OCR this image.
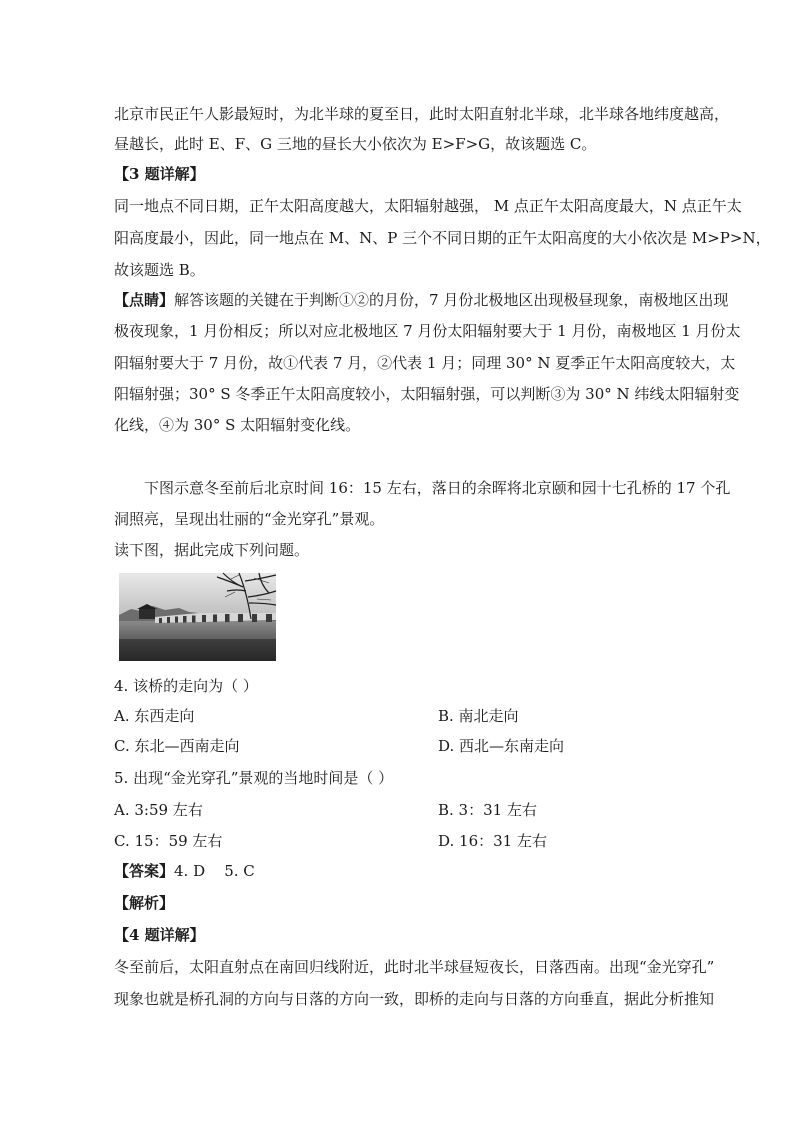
北京市民正午人影最短时，为北半球的夏至日，此时太阳直射北半球，北半球各地纬度越高，
昼越长，此时 E、F、G 三地的昼长大小依次为 E>F>G，故该题选 C。
【3 题详解】
同一地点不同日期，正午太阳高度越大，太阳辐射越强， M 点正午太阳高度最大，N 点正午太
阳高度最小，因此，同一地点在 M、N、P 三个不同日期的正午太阳高度的大小依次是 M>P>N，
故该题选 B。
【点睛】解答该题的关键在于判断①②的月份，7 月份北极地区出现极昼现象，南极地区出现
极夜现象，1 月份相反；所以对应北极地区 7 月份太阳辐射要大于 1 月份，南极地区 1 月份太
阳辐射要大于 7 月份，故①代表 7 月，②代表 1 月；同理 30° N 夏季正午太阳高度较大，太
阳辐射强；30° S 冬季正午太阳高度较小，太阳辐射强，可以判断③为 30° N 纬线太阳辐射变
化线，④为 30° S 太阳辐射变化线。
下图示意冬至前后北京时间 16：15 左右，落日的余晖将北京颐和园十七孔桥的 17 个孔
洞照亮，呈现出壮丽的“金光穿孔”景观。
读下图，据此完成下列问题。
4. 该桥的走向为（ ）
A. 东西走向	B. 南北走向
C. 东北—西南走向	D. 西北—东南走向
5. 出现“金光穿孔”景观的当地时间是（ ）
A. 3:59 左右	B. 3：31 左右
C. 15：59 左右	D. 16：31 左右
【答案】4. D    5. C
【解析】
【4 题详解】
冬至前后，太阳直射点在南回归线附近，此时北半球昼短夜长，日落西南。出现“金光穿孔”
现象也就是桥孔洞的方向与日落的方向一致，即桥的走向与日落的方向垂直，据此分析推知
